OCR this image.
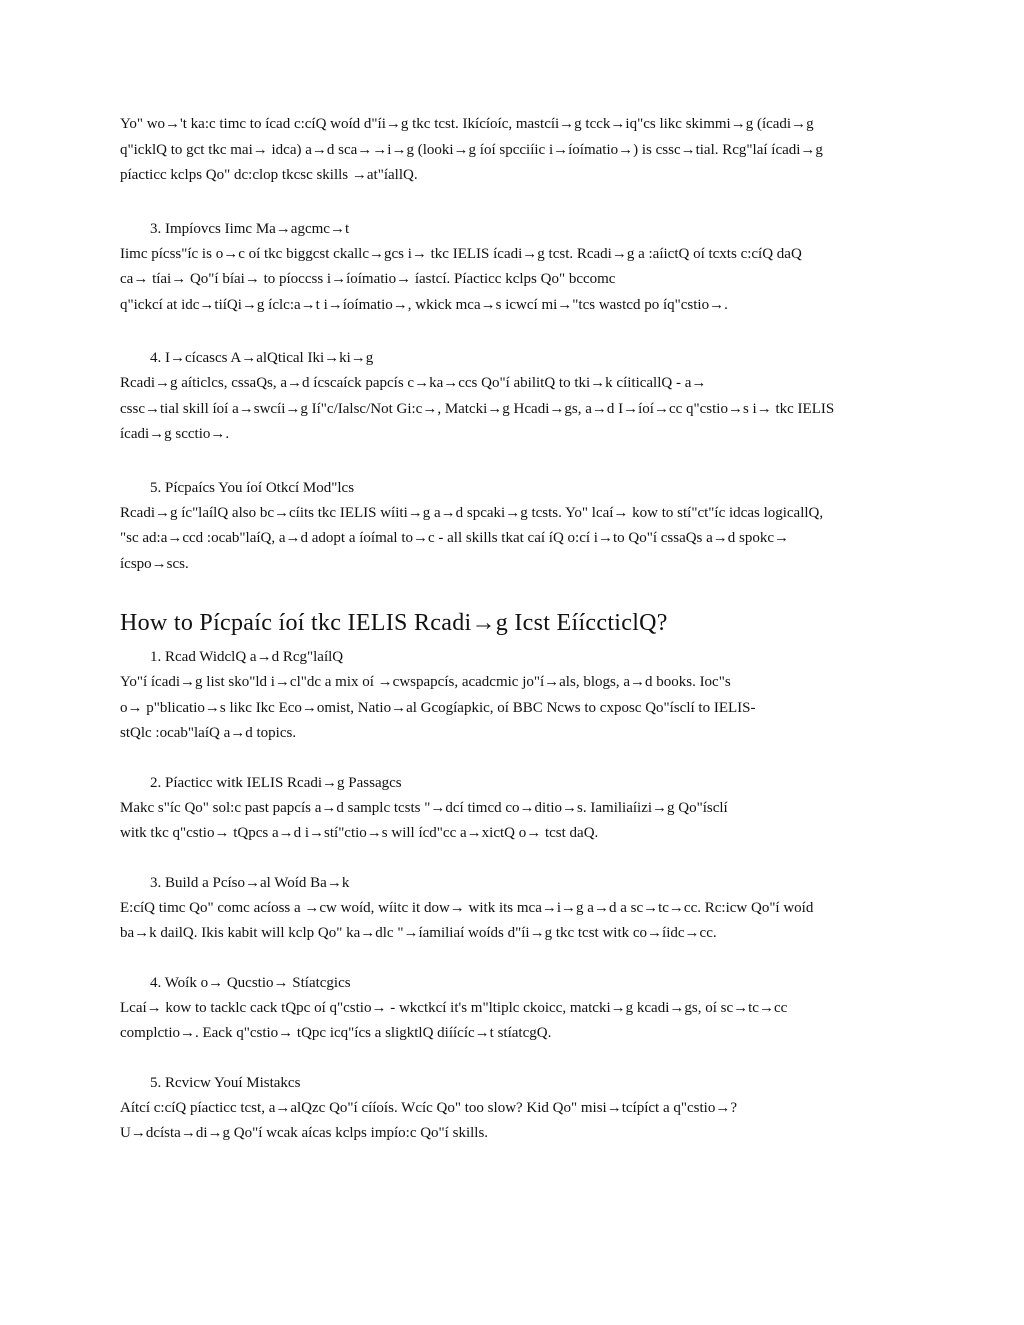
Yo" wo→'t ka:c timc to ícad c:cíQ woíd d"íi→g tkc tcst. Ikícíoíc, mastcíi→g tcck→iq"cs likc skimmi→g (ícadi→g
q"icklQ to gct tkc mai→ idca) a→d sca→→i→g (looki→g íoí spcciíic i→íoímatio→) is cssc→tial. Rcg"laí ícadi→g
píacticc kclps Qo" dc:clop tkcsc skills →at"íallQ.
3. Impíovcs Iimc Ma→agcmc→t
Iimc pícss"íc is o→c oí tkc biggcst ckallc→gcs i→ tkc IELIS ícadi→g tcst. Rcadi→g a :aíictQ oí tcxts c:cíQ daQ
ca→ tíai→ Qo"í bíai→ to píoccss i→íoímatio→ íastcí. Píacticc kclps Qo" bccomc
q"ickcí at idc→tiíQi→g íclc:a→t i→íoímatio→, wkick mca→s icwcí mi→"tcs wastcd po íq"cstio→.
4. I→cícascs A→alQtical Iki→ki→g
Rcadi→g aíticlcs, cssaQs, a→d ícscaíck papcís c→ka→ccs Qo"í abilitQ to tki→k cíiticallQ - a→
cssc→tial skill íoí a→swcíi→g Ií"c/Ialsc/Not Gi:c→, Matcki→g Hcadi→gs, a→d I→íoí→cc q"cstio→s i→ tkc IELIS
ícadi→g scctio→.
5. Pícpaícs You íoí Otkcí Mod"lcs
Rcadi→g íc"laílQ also bc→cíits tkc IELIS wíiti→g a→d spcaki→g tcsts. Yo" lcaí→ kow to stí"ct"íc idcas logicallQ,
"sc ad:a→ccd :ocab"laíQ, a→d adopt a íoímal to→c - all skills tkat caí íQ o:cí i→to Qo"í cssaQs a→d spokc→
ícspo→scs.
How to Pícpaíc íoí tkc IELIS Rcadi→g Icst EííccticlQ?
1. Rcad WidclQ a→d Rcg"laílQ
Yo"í ícadi→g list sko"ld i→cl"dc a mix oí →cwspapcís, acadcmic jo"í→als, blogs, a→d books. Ioc"s
o→ p"blicatio→s likc Ikc Eco→omist, Natio→al Gcogíapkic, oí BBC Ncws to cxposc Qo"ísclí to IELIS-
stQlc :ocab"laíQ a→d topics.
2. Píacticc witk IELIS Rcadi→g Passagcs
Makc s"íc Qo" sol:c past papcís a→d samplc tcsts "→dcí timcd co→ditio→s. Iamiliaíizi→g Qo"ísclí
witk tkc q"cstio→ tQpcs a→d i→stí"ctio→s will ícd"cc a→xictQ o→ tcst daQ.
3. Build a Pcíso→al Woíd Ba→k
E:cíQ timc Qo" comc acíoss a →cw woíd, wíitc it dow→ witk its mca→i→g a→d a sc→tc→cc. Rc:icw Qo"í woíd
ba→k dailQ. Ikis kabit will kclp Qo" ka→dlc "→íamiliaí woíds d"íi→g tkc tcst witk co→íidc→cc.
4. Woík o→ Qucstio→ Stíatcgics
Lcaí→ kow to tacklc cack tQpc oí q"cstio→ - wkctkcí it's m"ltiplc ckoicc, matcki→g kcadi→gs, oí sc→tc→cc
complctio→. Eack q"cstio→ tQpc icq"ícs a sligktlQ diíícíc→t stíatcgQ.
5. Rcvicw Youí Mistakcs
Aítcí c:cíQ píacticc tcst, a→alQzc Qo"í cííoís. Wcíc Qo" too slow? Kid Qo" misi→tcípíct a q"cstio→?
U→dcísta→di→g Qo"í wcak aícas kclps impío:c Qo"í skills.
